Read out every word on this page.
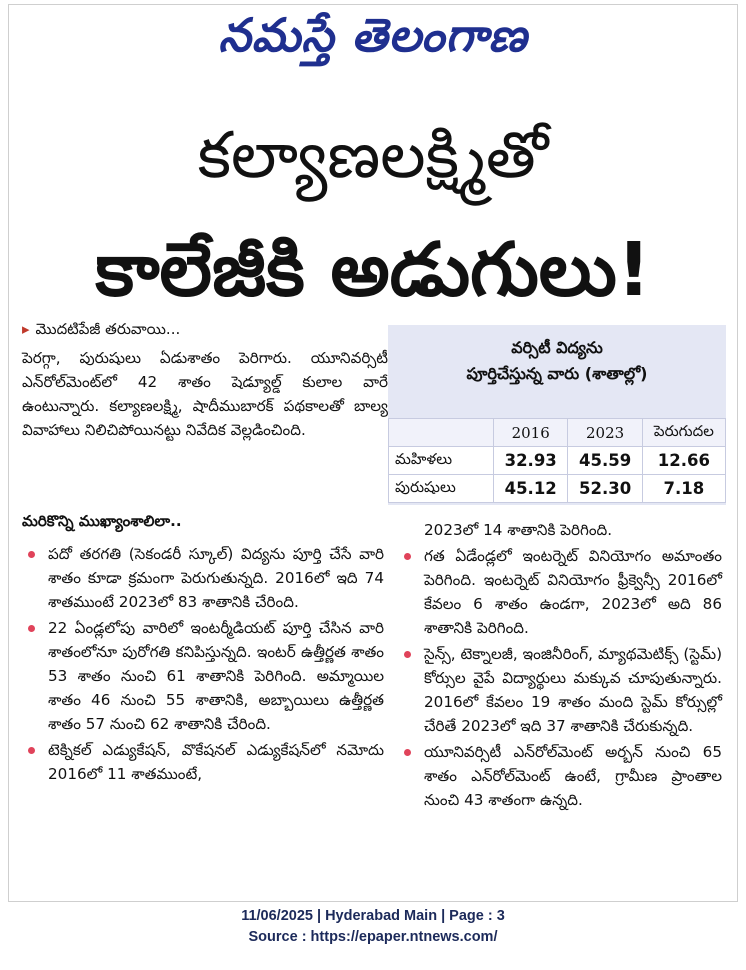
నమస్తే తెలంగాణ
కల్యాణలక్ష్మితో
కాలేజీకి అడుగులు!
▸ మొదటిపేజీ తరువాయి...

పెరగ్గా, పురుషులు ఏడుశాతం పెరిగారు. యూనివర్సిటీ ఎన్‌రోల్‌మెంట్‌లో 42 శాతం షెడ్యూల్డ్ కులాల వారే ఉంటున్నారు. కల్యాణలక్ష్మి, షాదీముబారక్ పథకాలతో బాల్య వివాహాలు నిలిచిపోయినట్టు నివేదిక వెల్లడించింది.

మరికొన్ని ముఖ్యాంశాలిలా..
వర్సిటీ విద్యను
పూర్తిచేస్తున్న వారు (శాతాల్లో)
	2016	2023	పెరుగుదల
మహిళలు	32.93	45.59	12.66
పురుషులు	45.12	52.30	7.18
పదో తరగతి (సెకండరీ స్కూల్) విద్యను పూర్తి చేసే వారి శాతం కూడా క్రమంగా పెరుగుతున్నది. 2016లో ఇది 74 శాతముంటే 2023లో 83 శాతానికి చేరింది.
22 ఏండ్లలోపు వారిలో ఇంటర్మీడియట్ పూర్తి చేసిన వారి శాతంలోనూ పురోగతి కనిపిస్తున్నది. ఇంటర్ ఉత్తీర్ణత శాతం 53 శాతం నుంచి 61 శాతానికి పెరిగింది. అమ్మాయిల శాతం 46 నుంచి 55 శాతానికి, అబ్బాయిలు ఉత్తీర్ణత శాతం 57 నుంచి 62 శాతానికి చేరింది.
టెక్నికల్ ఎడ్యుకేషన్, వొకేషనల్ ఎడ్యుకేషన్‌లో నమోదు 2016లో 11 శాతముంటే,

2023లో 14 శాతానికి పెరిగింది.

గత ఏడేండ్లలో ఇంటర్నెట్ వినియోగం అమాంతం పెరిగింది. ఇంటర్నెట్ వినియోగం ఫ్రీక్వెన్సీ 2016లో కేవలం 6 శాతం ఉండగా, 2023లో అది 86 శాతానికి పెరిగింది.
సైన్స్, టెక్నాలజీ, ఇంజినీరింగ్, మ్యాథమెటిక్స్ (స్టెమ్) కోర్సుల వైపే విద్యార్థులు మక్కువ చూపుతున్నారు. 2016లో కేవలం 19 శాతం మంది స్టెమ్ కోర్సుల్లో చేరితే 2023లో ఇది 37 శాతానికి చేరుకున్నది.
యూనివర్సిటీ ఎన్‌రోల్‌మెంట్ అర్బన్ నుంచి 65 శాతం ఎన్‌రోల్‌మెంట్ ఉంటే, గ్రామీణ ప్రాంతాల నుంచి 43 శాతంగా ఉన్నది.
11/06/2025 | Hyderabad Main | Page : 3
Source : https://epaper.ntnews.com/
